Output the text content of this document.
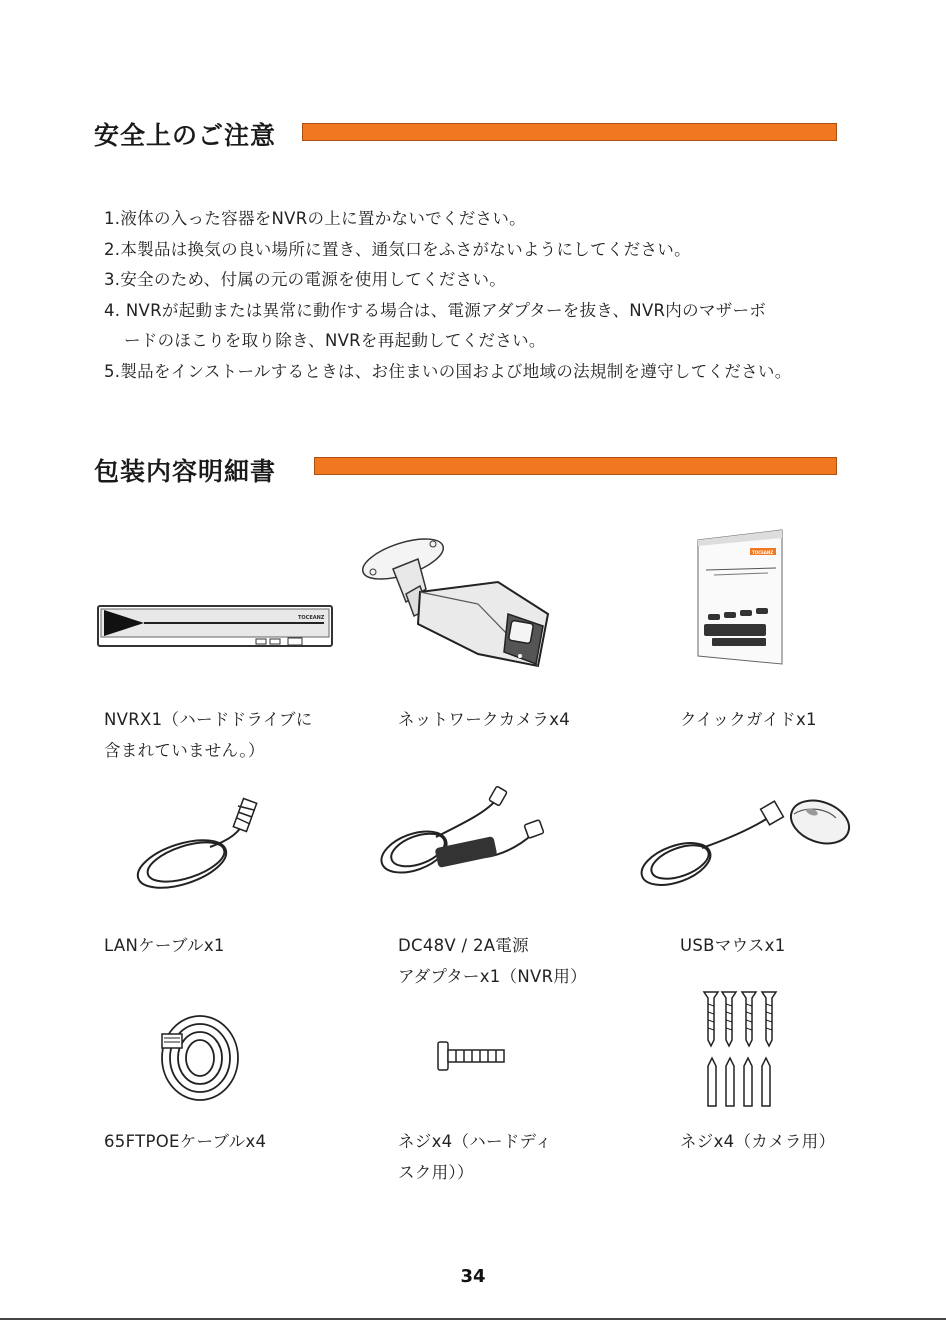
安全上のご注意
1.液体の入った容器をNVRの上に置かないでください。
2.本製品は換気の良い場所に置き、通気口をふさがないようにしてください。
3.安全のため、付属の元の電源を使用してください。
4. NVRが起動または異常に動作する場合は、電源アダプターを抜き、NVR内のマザーボ
ードのほこりを取り除き、NVRを再起動してください。
5.製品をインストールするときは、お住まいの国および地域の法規制を遵守してください。
包装内容明細書
TOCEANZ
TOCEANZ
NVRX1（ハードドライブに
含まれていません。）
ネットワークカメラx4	クイックガイドx1
LANケーブルx1	DC48V / 2A電源
アダプターx1（NVR用）
USBマウスx1
65FTPOEケーブルx4	ネジx4（ハードディ
スク用））
ネジx4（カメラ用）
34
